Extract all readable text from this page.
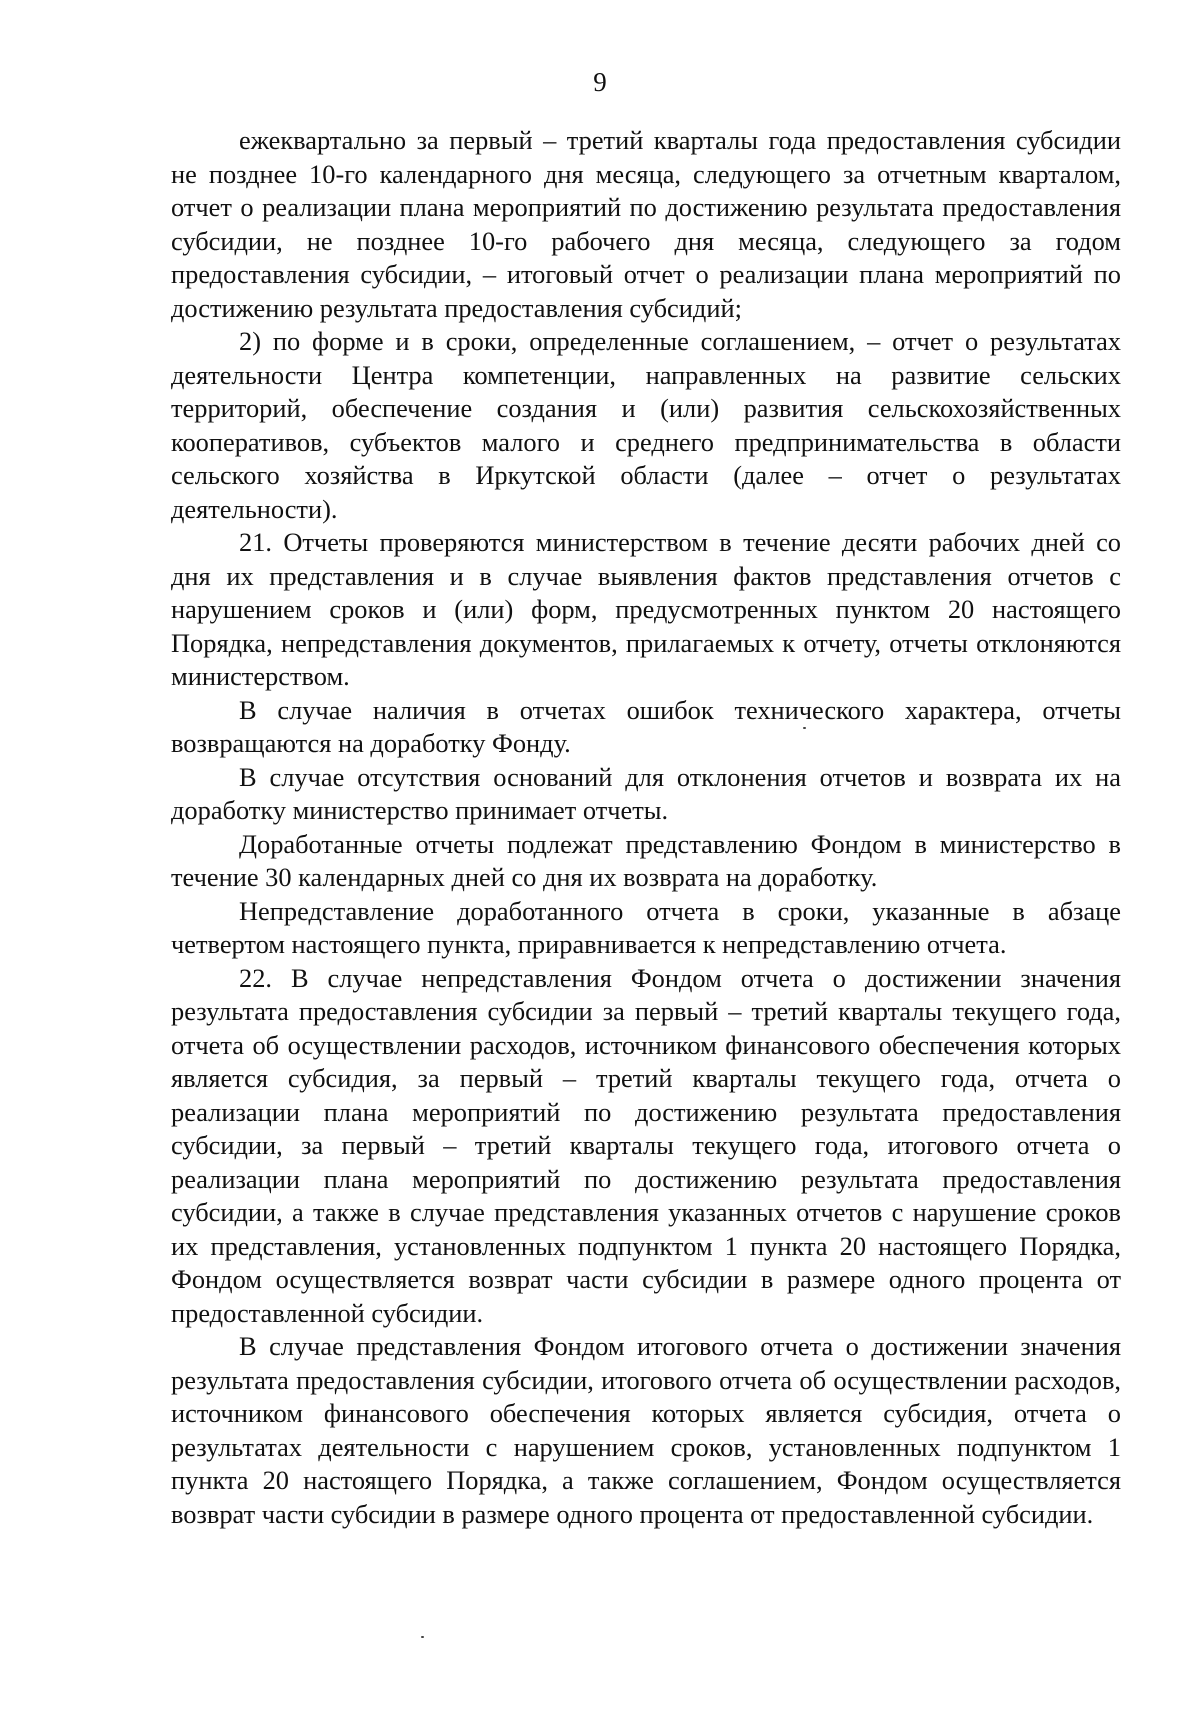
9

ежеквартально за первый – третий кварталы года предоставления субсидии не позднее 10-го календарного дня месяца, следующего за отчетным кварталом, отчет о реализации плана мероприятий по достижению результата предоставления субсидии, не позднее 10-го рабочего дня месяца, следующего за годом предоставления субсидии, – итоговый отчет о реализации плана мероприятий по достижению результата предоставления субсидий;

2) по форме и в сроки, определенные соглашением, – отчет о результатах деятельности Центра компетенции, направленных на развитие сельских территорий, обеспечение создания и (или) развития сельскохозяйственных кооперативов, субъектов малого и среднего предпринимательства в области сельского хозяйства в Иркутской области (далее – отчет о результатах деятельности).

21. Отчеты проверяются министерством в течение десяти рабочих дней со дня их представления и в случае выявления фактов представления отчетов с нарушением сроков и (или) форм, предусмотренных пунктом 20 настоящего Порядка, непредставления документов, прилагаемых к отчету, отчеты отклоняются министерством.

В случае наличия в отчетах ошибок технического характера, отчеты возвращаются на доработку Фонду.

В случае отсутствия оснований для отклонения отчетов и возврата их на доработку министерство принимает отчеты.

Доработанные отчеты подлежат представлению Фондом в министерство в течение 30 календарных дней со дня их возврата на доработку.

Непредставление доработанного отчета в сроки, указанные в абзаце четвертом настоящего пункта, приравнивается к непредставлению отчета.

22. В случае непредставления Фондом отчета о достижении значения результата предоставления субсидии за первый – третий кварталы текущего года, отчета об осуществлении расходов, источником финансового обеспечения которых является субсидия, за первый – третий кварталы текущего года, отчета о реализации плана мероприятий по достижению результата предоставления субсидии, за первый – третий кварталы текущего года, итогового отчета о реализации плана мероприятий по достижению результата предоставления субсидии, а также в случае представления указанных отчетов с нарушение сроков их представления, установленных подпунктом 1 пункта 20 настоящего Порядка, Фондом осуществляется возврат части субсидии в размере одного процента от предоставленной субсидии.

В случае представления Фондом итогового отчета о достижении значения результата предоставления субсидии, итогового отчета об осуществлении расходов, источником финансового обеспечения которых является субсидия, отчета о результатах деятельности с нарушением сроков, установленных подпунктом 1 пункта 20 настоящего Порядка, а также соглашением, Фондом осуществляется возврат части субсидии в размере одного процента от предоставленной субсидии.
